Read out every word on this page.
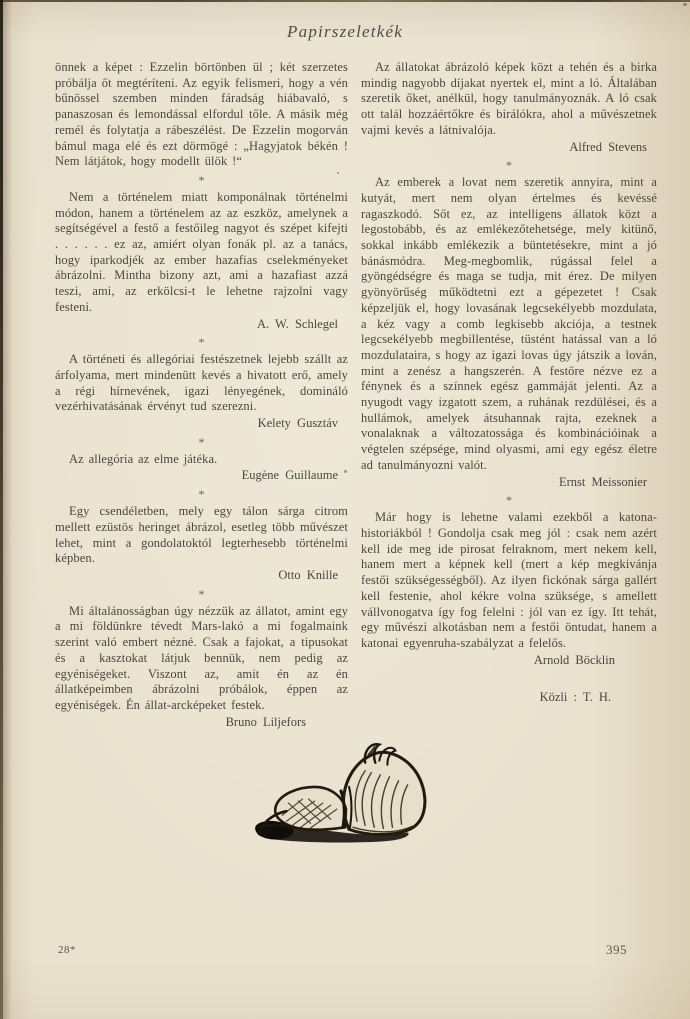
Papirszeletkék

önnek a képet : Ezzelin börtönben ül ; két szerzetes próbálja őt megtéríteni. Az egyik felismeri, hogy a vén bűnössel szemben minden fáradság hiábavaló, s panaszosan és lemondással elfordul tőle. A másik még remél és folytatja a rábeszélést. De Ezzelin mogorván bámul maga elé és ezt dörmögé : „Hagyjatok békén ! Nem látjátok, hogy modellt ülök !“

*

Nem a történelem miatt komponálnak történelmi módon, hanem a történelem az az eszköz, amelynek a segítségével a festő a festőileg nagyot és szépet kifejti . . . . . . ez az, amiért olyan fonák pl. az a tanács, hogy iparkodjék az ember hazafias cselekményeket ábrázolni. Mintha bizony azt, ami a hazafiast azzá teszi, ami, az erkölcsi-t le lehetne rajzolni vagy festeni.

A. W. Schlegel
*

A történeti és allegóriai festészetnek lejebb szállt az árfolyama, mert mindenütt kevés a hivatott erő, amely a régi hírnevének, igazi lényegének, domináló vezérhivatásának érvényt tud szerezni.

Kelety Gusztáv
*

Az allegória az elme játéka.

Eugène Guillaume
*

Egy csendéletben, mely egy tálon sárga citrom mellett ezüstös heringet ábrázol, esetleg több művészet lehet, mint a gondolatoktól legterhesebb történelmi képben.

Otto Knille
*

Mi általánosságban úgy nézzük az állatot, amint egy a mi földünkre tévedt Mars-lakó a mi fogalmaink szerint való embert nézné. Csak a fajokat, a tipusokat és a kasztokat látjuk bennük, nem pedig az egyéniségeket. Viszont az, amit én az én állatképeimben ábrázolni próbálok, éppen az egyéniségek. Én állat-arcképeket festek.

Bruno Liljefors

Az állatokat ábrázoló képek közt a tehén és a birka mindig nagyobb díjakat nyertek el, mint a ló. Általában szeretik őket, anélkül, hogy tanulmányoznák. A ló csak ott talál hozzáértőkre és birálókra, ahol a művészetnek vajmi kevés a látnivalója.

Alfred Stevens
*

Az emberek a lovat nem szeretik annyira, mint a kutyát, mert nem olyan értelmes és kevéssé ragaszkodó. Sőt ez, az intelligens állatok közt a legostobább, és az emlékezőtehetsége, mely kitünő, sokkal inkább emlékezik a büntetésekre, mint a jó bánásmódra. Meg-megbomlik, rúgással felel a gyöngédségre és maga se tudja, mit érez. De milyen gyönyörűség működtetni ezt a gépezetet ! Csak képzeljük el, hogy lovasának legcsekélyebb mozdulata, a kéz vagy a comb legkisebb akciója, a testnek legcsekélyebb megbillentése, tüstént hatással van a ló mozdulataira, s hogy az igazi lovas úgy játszik a lován, mint a zenész a hangszerén. A festőre nézve ez a fénynek és a színnek egész gammáját jelenti. Az a nyugodt vagy izgatott szem, a ruhának rezdülései, és a hullámok, amelyek átsuhannak rajta, ezeknek a vonalaknak a változatossága és kombinációinak a végtelen szépsége, mind olyasmi, ami egy egész életre ad tanulmányozni valót.

Ernst Meissonier
*

Már hogy is lehetne valami ezekből a katona-historiákból ! Gondolja csak meg jól : csak nem azért kell ide meg ide pirosat felraknom, mert nekem kell, hanem mert a képnek kell (mert a kép megkivánja festői szükségességből). Az ilyen fickónak sárga gallért kell festenie, ahol kékre volna szüksége, s amellett vállvonogatva így fog felelni : jól van ez így. Itt tehát, egy művészi alkotásban nem a festői öntudat, hanem a katonai egyenruha-szabályzat a felelős.

Arnold Böcklin
Közli : T. H.
28*	395
